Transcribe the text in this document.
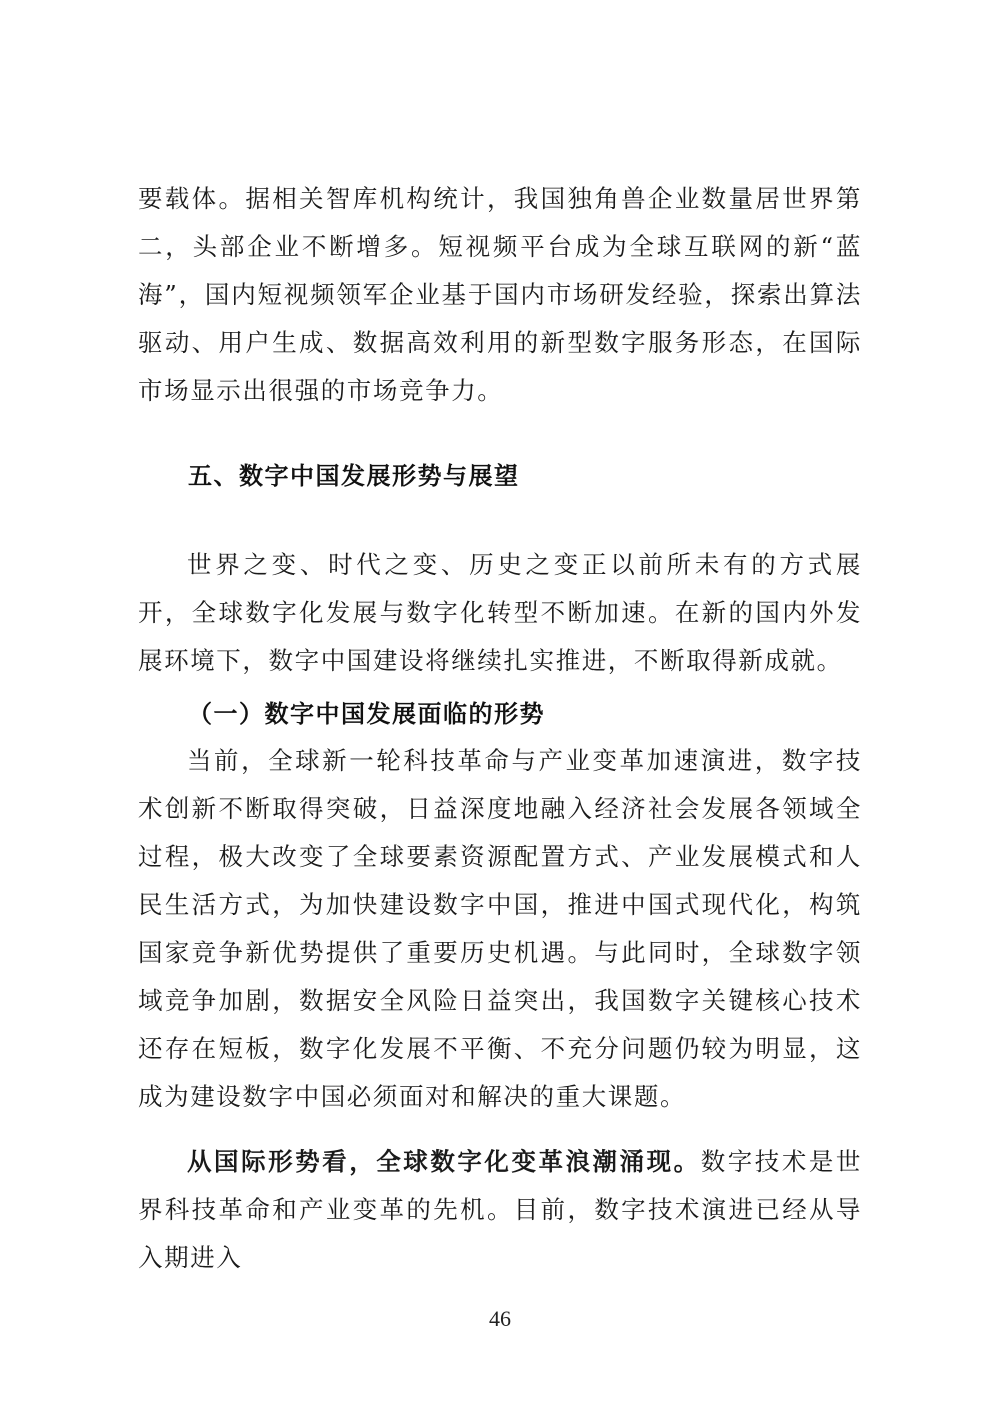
要载体。据相关智库机构统计，我国独角兽企业数量居世界第二，头部企业不断增多。短视频平台成为全球互联网的新“蓝海”，国内短视频领军企业基于国内市场研发经验，探索出算法驱动、用户生成、数据高效利用的新型数字服务形态，在国际市场显示出很强的市场竞争力。

五、数字中国发展形势与展望

世界之变、时代之变、历史之变正以前所未有的方式展开，全球数字化发展与数字化转型不断加速。在新的国内外发展环境下，数字中国建设将继续扎实推进，不断取得新成就。

（一）数字中国发展面临的形势

当前，全球新一轮科技革命与产业变革加速演进，数字技术创新不断取得突破，日益深度地融入经济社会发展各领域全过程，极大改变了全球要素资源配置方式、产业发展模式和人民生活方式，为加快建设数字中国，推进中国式现代化，构筑国家竞争新优势提供了重要历史机遇。与此同时，全球数字领域竞争加剧，数据安全风险日益突出，我国数字关键核心技术还存在短板，数字化发展不平衡、不充分问题仍较为明显，这成为建设数字中国必须面对和解决的重大课题。

从国际形势看，全球数字化变革浪潮涌现。数字技术是世界科技革命和产业变革的先机。目前，数字技术演进已经从导入期进入

46
